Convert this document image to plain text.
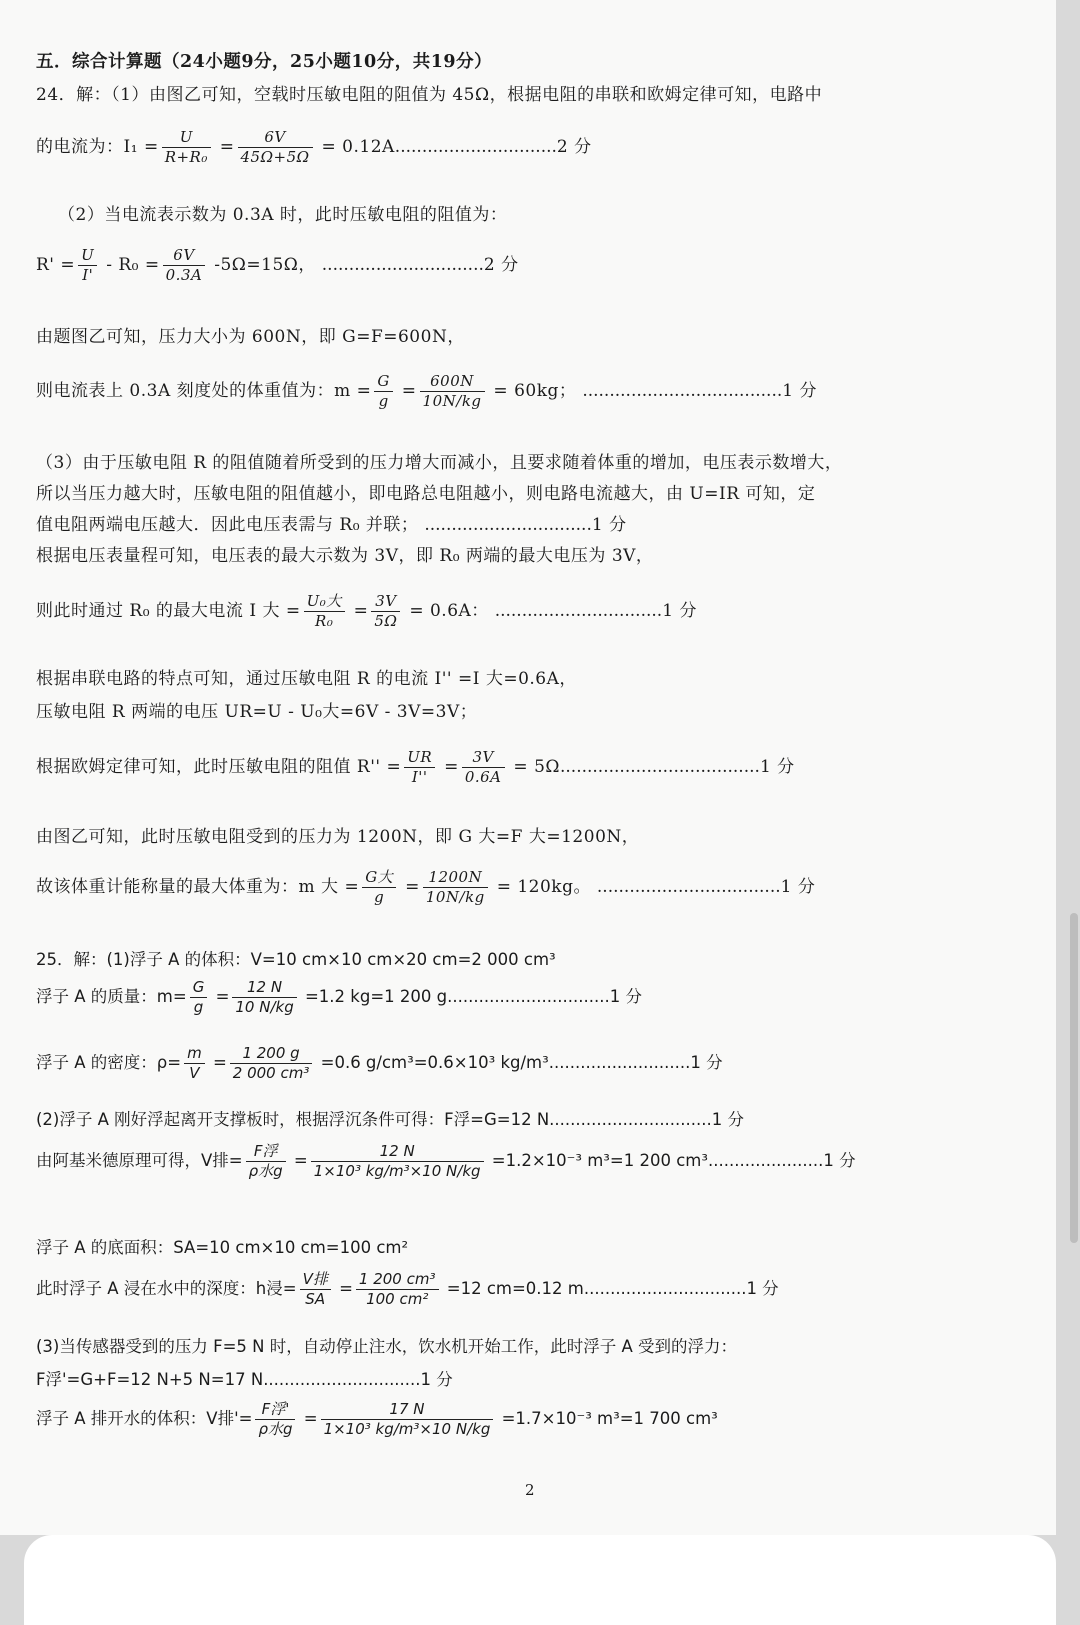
五．综合计算题（24小题9分，25小题10分，共19分）
24．解：（1）由图乙可知，空载时压敏电阻的阻值为 45Ω，根据电阻的串联和欧姆定律可知，电路中
的电流为：$I_1 = \frac{U}{\text{R+R₀}} = \frac{6V}{45\Omega+5\Omega} = 0.12A..............................2$ 分
（2）当电流表示数为 0.3A 时，此时压敏电阻的阻值为：
$R' = \frac{U}{I'} - R_0 = \frac{6V}{0.3A} -5\Omega=15\Omega$， ..............................2 分
由题图乙可知，压力大小为 600N，即 G=F=600N，
则电流表上 0.3A 刻度处的体重值为：$m = \frac{G}{g} = \frac{600N}{10N/kg} = 60kg$； .....................................1 分
（3）由于压敏电阻 R 的阻值随着所受到的压力增大而减小，且要求随着体重的增加，电压表示数增大，
所以当压力越大时，压敏电阻的阻值越小，即电路总电阻越小，则电路电流越大，由 U=IR 可知，定
值电阻两端电压越大．因此电压表需与 R₀ 并联； ...............................1 分
根据电压表量程可知，电压表的最大示数为 3V，即 R₀ 两端的最大电压为 3V，
则此时通过 R₀ 的最大电流 I 大 = $\frac{\text{U₀大}}{\text{R₀}} = \frac{3V}{5\Omega} = 0.6A$： ...............................1 分
根据串联电路的特点可知，通过压敏电阻 R 的电流 I'' =I 大=0.6A，
压敏电阻 R 两端的电压 UR=U - U₀大=6V - 3V=3V；
根据欧姆定律可知，此时压敏电阻的阻值 $R'' = \frac{UR}{I''} = \frac{3V}{0.6A} = 5\Omega.....................................1$ 分
由图乙可知，此时压敏电阻受到的压力为 1200N，即 G 大=F 大=1200N，
故该体重计能称量的最大体重为：m 大 = $\frac{\text{G大}}{g} = \frac{1200N}{10N/kg} = 120kg$。 ..................................1 分
25．解：(1)浮子 A 的体积：V=10 cm×10 cm×20 cm=2 000 cm³
浮子 A 的质量：$m= \frac{G}{g} = \frac{12 N}{10 N/kg} =1.2$ kg=1 200 g...............................1 分
浮子 A 的密度：$\rho= \frac{m}{V} = \frac{1 200 g}{\text{2 000 cm³}} =0.6$ g/cm³=0.6×10³ kg/m³...........................1 分
(2)浮子 A 刚好浮起离开支撑板时，根据浮沉条件可得：F浮=G=12 N...............................1 分
由阿基米德原理可得，V排= $\frac{\text{F浮}}{\text{ρ水g}} = \frac{12 N}{\text{1×10³ kg/m³×10 N/kg}} =1.2\times 10^{-3}$ m³=1 200 cm³......................1 分
浮子 A 的底面积：SA=10 cm×10 cm=100 cm²
此时浮子 A 浸在水中的深度：h浸= $\frac{\text{V排}}{SA} = \frac{\text{1 200 cm³}}{\text{100 cm²}} =12$ cm=0.12 m...............................1 分
(3)当传感器受到的压力 F=5 N 时，自动停止注水，饮水机开始工作，此时浮子 A 受到的浮力：
F浮'=G+F=12 N+5 N=17 N..............................1 分
浮子 A 排开水的体积：V排'= $\frac{\text{F浮'}}{\text{ρ水g}} = \frac{17 N}{\text{1×10³ kg/m³×10 N/kg}} =1.7\times 10^{-3}$ m³=1 700 cm³
2
